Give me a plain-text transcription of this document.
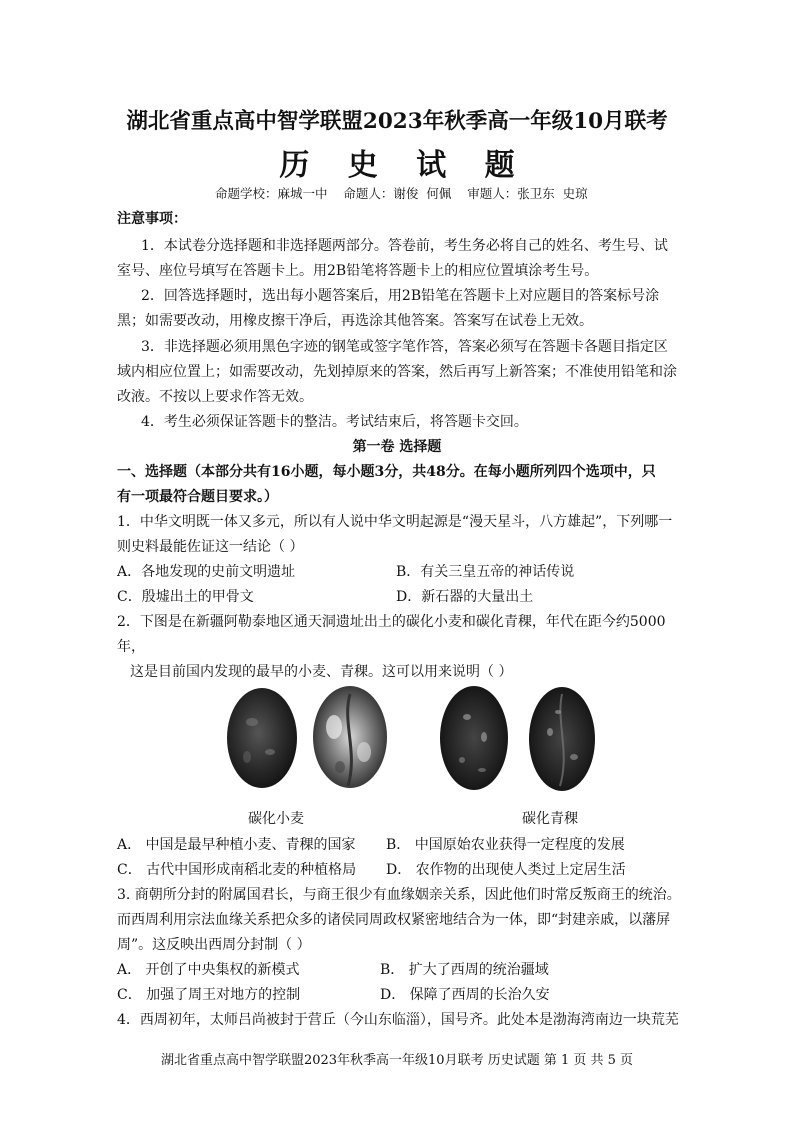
湖北省重点高中智学联盟2023年秋季高一年级10月联考
历 史 试 题
命题学校：麻城一中    命题人：谢俊  何佩    审题人：张卫东  史琼
注意事项：
1．本试卷分选择题和非选择题两部分。答卷前，考生务必将自己的姓名、考生号、试
室号、座位号填写在答题卡上。用2B铅笔将答题卡上的相应位置填涂考生号。
2．回答选择题时，选出每小题答案后，用2B铅笔在答题卡上对应题目的答案标号涂
黑；如需要改动，用橡皮擦干净后，再选涂其他答案。答案写在试卷上无效。
3．非选择题必须用黑色字迹的钢笔或签字笔作答，答案必须写在答题卡各题目指定区
域内相应位置上；如需要改动，先划掉原来的答案，然后再写上新答案；不准使用铅笔和涂
改液。不按以上要求作答无效。
4．考生必须保证答题卡的整洁。考试结束后，将答题卡交回。
第一卷 选择题
一、选择题（本部分共有16小题，每小题3分，共48分。在每小题所列四个选项中，只
有一项最符合题目要求。）
1．中华文明既一体又多元，所以有人说中华文明起源是“漫天星斗，八方雄起”，下列哪一
则史料最能佐证这一结论（ ）
A．各地发现的史前文明遗址	B．有关三皇五帝的神话传说
C．殷墟出土的甲骨文	D．新石器的大量出土
2．下图是在新疆阿勒泰地区通天洞遗址出土的碳化小麦和碳化青稞，年代在距今约5000
年，
这是目前国内发现的最早的小麦、青稞。这可以用来说明（ ）
碳化小麦	碳化青稞
A． 中国是最早种植小麦、青稞的国家 B． 中国原始农业获得一定程度的发展
C． 古代中国形成南稻北麦的种植格局 D． 农作物的出现使人类过上定居生活
3. 商朝所分封的附属国君长，与商王很少有血缘姻亲关系，因此他们时常反叛商王的统治。
而西周利用宗法血缘关系把众多的诸侯同周政权紧密地结合为一体，即“封建亲戚，以藩屏
周”。这反映出西周分封制（ ）
A． 开创了中央集权的新模式	B． 扩大了西周的统治疆域
C． 加强了周王对地方的控制	D． 保障了西周的长治久安
4．西周初年，太师吕尚被封于营丘（今山东临淄），国号齐。此处本是渤海湾南边一块荒芜
湖北省重点高中智学联盟2023年秋季高一年级10月联考 历史试题 第 1 页 共 5 页
